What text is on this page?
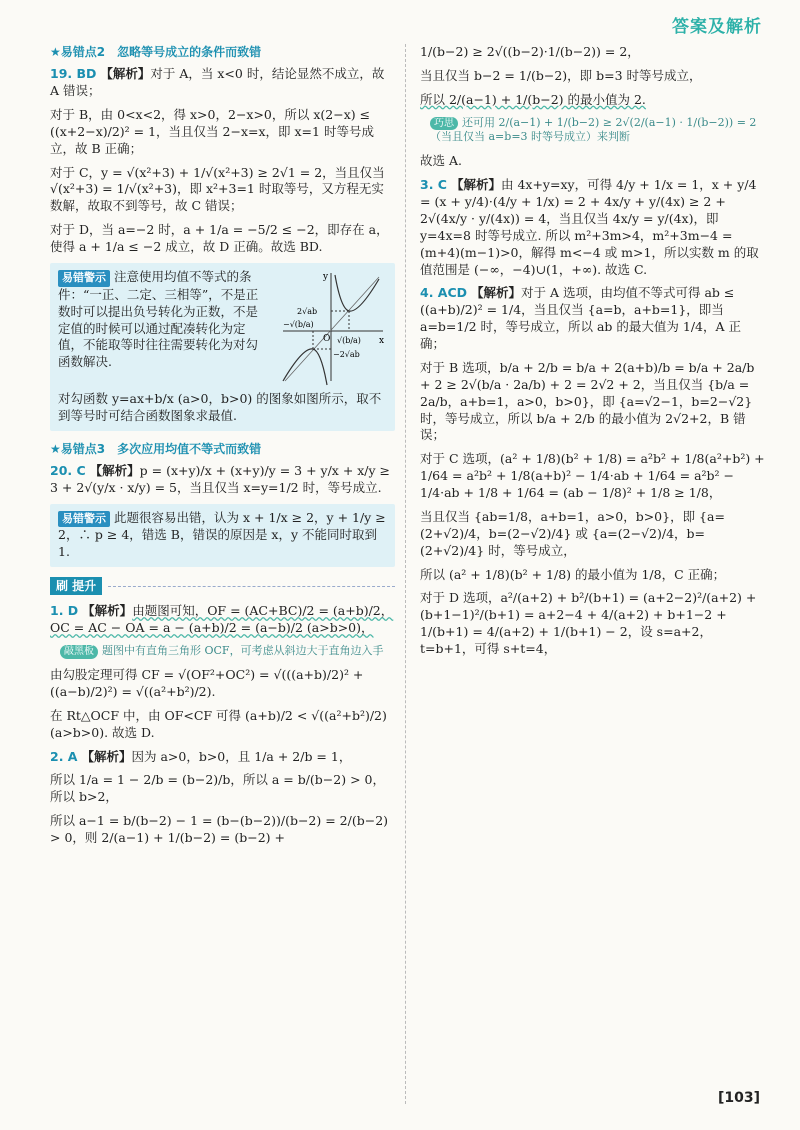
答案及解析
★易错点2　忽略等号成立的条件而致错

19. BD 【解析】对于 A，当 x<0 时，结论显然不成立，故 A 错误；

对于 B，由 0<x<2，得 x>0，2−x>0，所以 x(2−x) ≤ ((x+2−x)/2)² = 1，当且仅当 2−x=x，即 x=1 时等号成立，故 B 正确；

对于 C，y = √(x²+3) + 1/√(x²+3) ≥ 2√1 = 2，当且仅当 √(x²+3) = 1/√(x²+3)，即 x²+3=1 时取等号，又方程无实数解，故取不到等号，故 C 错误；

对于 D，当 a=−2 时，a + 1/a = −5/2 ≤ −2，即存在 a，使得 a + 1/a ≤ −2 成立，故 D 正确。故选 BD.

y
x
O
2√ab
−√(b/a)
√(b/a)
−2√ab

易错警示 注意使用均值不等式的条件：“一正、二定、三相等”，不是正数时可以提出负号转化为正数，不是定值的时候可以通过配凑转化为定值，不能取等时往往需要转化为对勾函数解决.

对勾函数 y=ax+b/x (a>0，b>0) 的图象如图所示，取不到等号时可结合函数图象求最值.

★易错点3　多次应用均值不等式而致错

20. C 【解析】p = (x+y)/x + (x+y)/y = 3 + y/x + x/y ≥ 3 + 2√(y/x · x/y) = 5，当且仅当 x=y=1/2 时，等号成立.

易错警示 此题很容易出错，认为 x + 1/x ≥ 2，y + 1/y ≥ 2，∴ p ≥ 4，错选 B，错误的原因是 x，y 不能同时取到 1.

刷 提升

1. D 【解析】由题图可知，OF = (AC+BC)/2 = (a+b)/2，OC = AC − OA = a − (a+b)/2 = (a−b)/2 (a>b>0)，

敲黑板 题图中有直角三角形 OCF，可考虑从斜边大于直角边入手

由勾股定理可得 CF = √(OF²+OC²) = √(((a+b)/2)² + ((a−b)/2)²) = √((a²+b²)/2).

在 Rt△OCF 中，由 OF<CF 可得 (a+b)/2 < √((a²+b²)/2) (a>b>0). 故选 D.

2. A 【解析】因为 a>0，b>0，且 1/a + 2/b = 1，

所以 1/a = 1 − 2/b = (b−2)/b，所以 a = b/(b−2) > 0，所以 b>2，

所以 a−1 = b/(b−2) − 1 = (b−(b−2))/(b−2) = 2/(b−2) > 0，则 2/(a−1) + 1/(b−2) = (b−2) +

1/(b−2) ≥ 2√((b−2)·1/(b−2)) = 2，

当且仅当 b−2 = 1/(b−2)，即 b=3 时等号成立，

所以 2/(a−1) + 1/(b−2) 的最小值为 2.

巧思 还可用 2/(a−1) + 1/(b−2) ≥ 2√(2/(a−1) · 1/(b−2)) = 2（当且仅当 a=b=3 时等号成立）来判断

故选 A.

3. C 【解析】由 4x+y=xy，可得 4/y + 1/x = 1，x + y/4 = (x + y/4)·(4/y + 1/x) = 2 + 4x/y + y/(4x) ≥ 2 + 2√(4x/y · y/(4x)) = 4，当且仅当 4x/y = y/(4x)，即 y=4x=8 时等号成立. 所以 m²+3m>4，m²+3m−4 = (m+4)(m−1)>0，解得 m<−4 或 m>1，所以实数 m 的取值范围是 (−∞，−4)∪(1，+∞). 故选 C.

4. ACD 【解析】对于 A 选项，由均值不等式可得 ab ≤ ((a+b)/2)² = 1/4，当且仅当 {a=b，a+b=1}，即当 a=b=1/2 时，等号成立，所以 ab 的最大值为 1/4，A 正确；

对于 B 选项，b/a + 2/b = b/a + 2(a+b)/b = b/a + 2a/b + 2 ≥ 2√(b/a · 2a/b) + 2 = 2√2 + 2，当且仅当 {b/a = 2a/b，a+b=1，a>0，b>0}，即 {a=√2−1，b=2−√2} 时，等号成立，所以 b/a + 2/b 的最小值为 2√2+2，B 错误；

对于 C 选项，(a² + 1/8)(b² + 1/8) = a²b² + 1/8(a²+b²) + 1/64 = a²b² + 1/8(a+b)² − 1/4·ab + 1/64 = a²b² − 1/4·ab + 1/8 + 1/64 = (ab − 1/8)² + 1/8 ≥ 1/8，

当且仅当 {ab=1/8，a+b=1，a>0，b>0}，即 {a=(2+√2)/4，b=(2−√2)/4} 或 {a=(2−√2)/4，b=(2+√2)/4} 时，等号成立，

所以 (a² + 1/8)(b² + 1/8) 的最小值为 1/8，C 正确；

对于 D 选项，a²/(a+2) + b²/(b+1) = (a+2−2)²/(a+2) + (b+1−1)²/(b+1) = a+2−4 + 4/(a+2) + b+1−2 + 1/(b+1) = 4/(a+2) + 1/(b+1) − 2，设 s=a+2，t=b+1，可得 s+t=4，

[103]
